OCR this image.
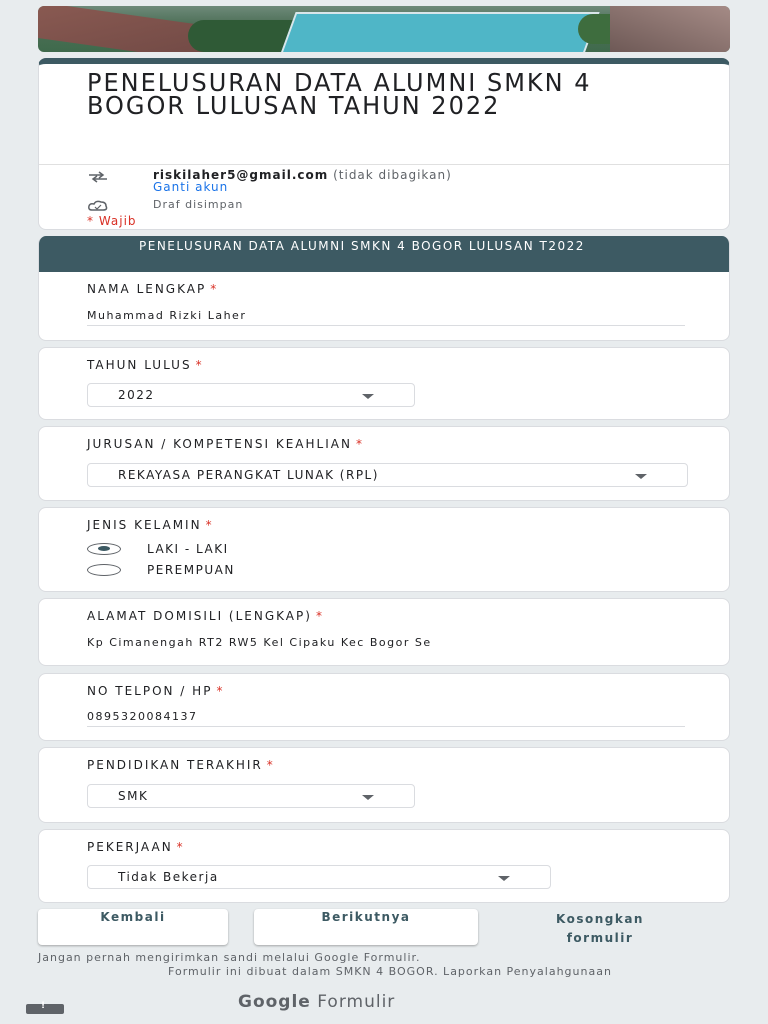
PENELUSURAN DATA ALUMNI SMKN 4 BOGOR LULUSAN TAHUN 2022
riskilaher5@gmail.com (tidak dibagikan)
Ganti akun
Draf disimpan
* Wajib
PENELUSURAN DATA ALUMNI SMKN 4 BOGOR LULUSAN T2022
NAMA LENGKAP *
Muhammad Rizki Laher
TAHUN LULUS *
2022
JURUSAN / KOMPETENSI KEAHLIAN *
REKAYASA PERANGKAT LUNAK (RPL)
JENIS KELAMIN *
LAKI - LAKI
PEREMPUAN
ALAMAT DOMISILI (LENGKAP) *
Kp Cimanengah RT2 RW5 Kel Cipaku Kec Bogor Se
NO TELPON / HP *
0895320084137
PENDIDIKAN TERAKHIR *
SMK
PEKERJAAN *
Tidak Bekerja
Kembali	Berikutnya	Kosongkan formulir
Jangan pernah mengirimkan sandi melalui Google Formulir.
Formulir ini dibuat dalam SMKN 4 BOGOR. Laporkan Penyalahgunaan
Google Formulir
!
